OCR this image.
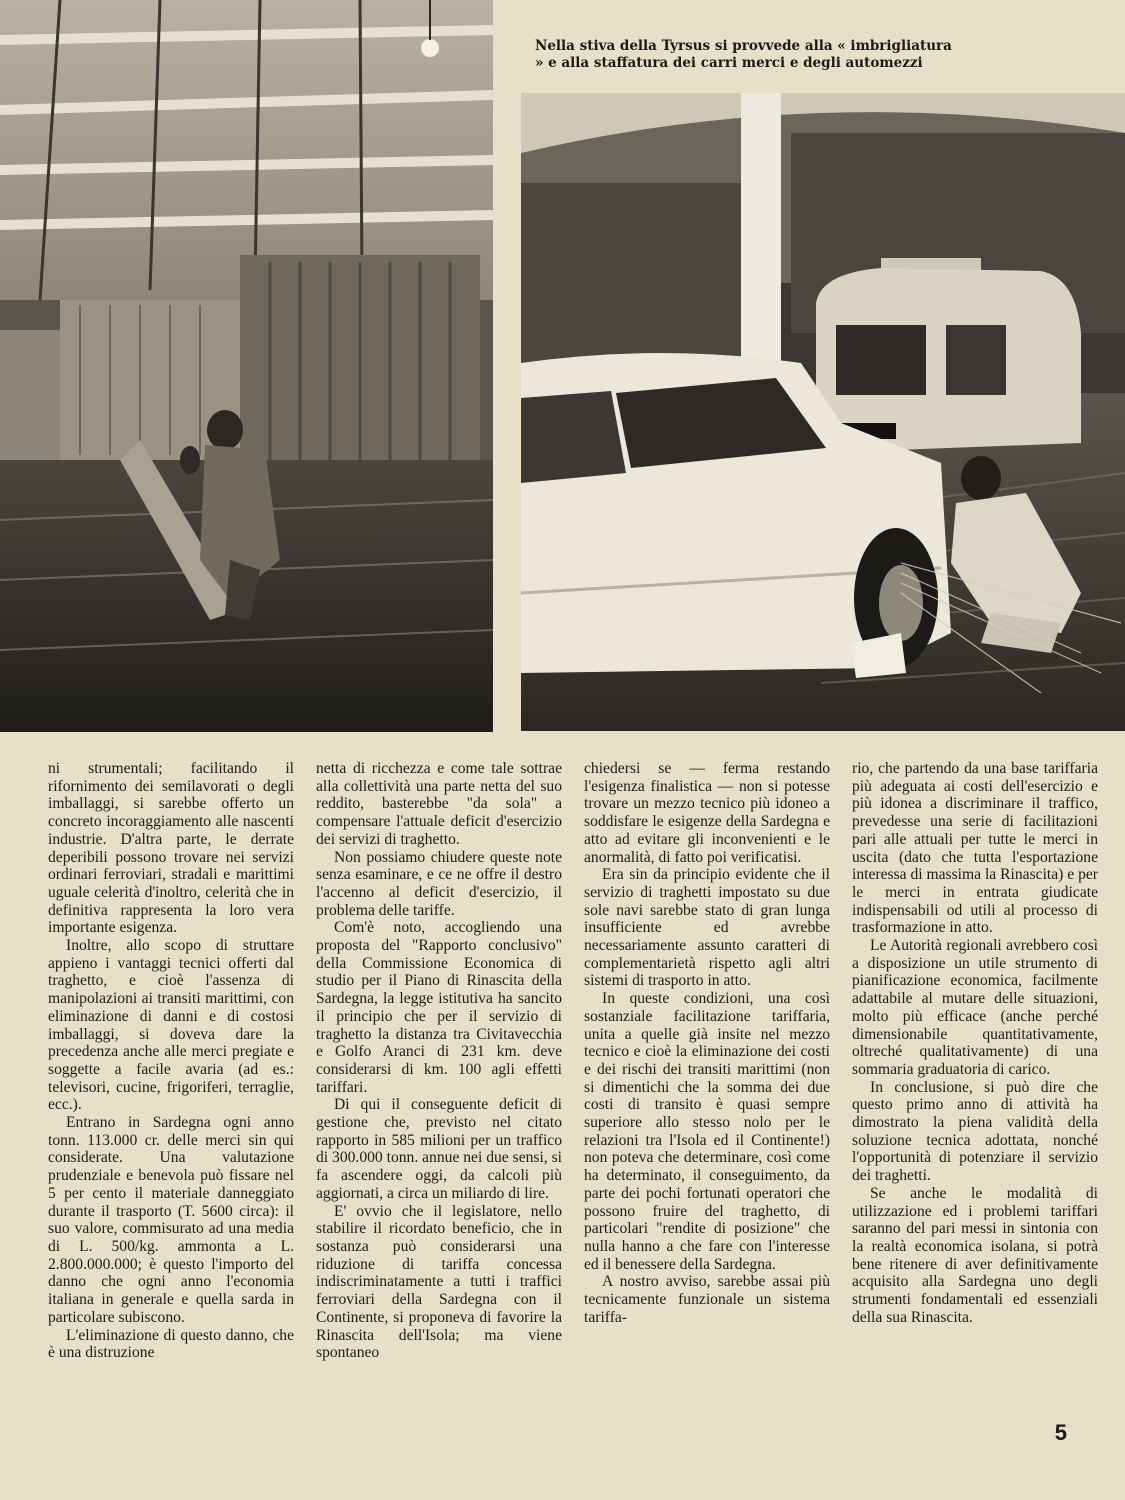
Nella stiva della Tyrsus si provvede alla « imbrigliatura » e alla staffatura dei carri merci e degli automezzi

ni strumentali; facilitando il rifornimento dei semilavorati o degli imballaggi, si sarebbe offerto un concreto incoraggiamento alle nascenti industrie. D'altra parte, le derrate deperibili possono trovare nei servizi ordinari ferroviari, stradali e marittimi uguale celerità d'inoltro, celerità che in definitiva rappresenta la loro vera importante esigenza.

Inoltre, allo scopo di struttare appieno i vantaggi tecnici offerti dal traghetto, e cioè l'assenza di manipolazioni ai transiti marittimi, con eliminazione di danni e di costosi imballaggi, si doveva dare la precedenza anche alle merci pregiate e soggette a facile avaria (ad es.: televisori, cucine, frigoriferi, terraglie, ecc.).

Entrano in Sardegna ogni anno tonn. 113.000 cr. delle merci sin qui considerate. Una valutazione prudenziale e benevola può fissare nel 5 per cento il materiale danneggiato durante il trasporto (T. 5600 circa): il suo valore, commisurato ad una media di L. 500/kg. ammonta a L. 2.800.000.000; è questo l'importo del danno che ogni anno l'economia italiana in generale e quella sarda in particolare subiscono.

L'eliminazione di questo danno, che è una distruzione

netta di ricchezza e come tale sottrae alla collettività una parte netta del suo reddito, basterebbe "da sola" a compensare l'attuale deficit d'esercizio dei servizi di traghetto.

Non possiamo chiudere queste note senza esaminare, e ce ne offre il destro l'accenno al deficit d'esercizio, il problema delle tariffe.

Com'è noto, accogliendo una proposta del "Rapporto conclusivo" della Commissione Economica di studio per il Piano di Rinascita della Sardegna, la legge istitutiva ha sancito il principio che per il servizio di traghetto la distanza tra Civitavecchia e Golfo Aranci di 231 km. deve considerarsi di km. 100 agli effetti tariffari.

Di qui il conseguente deficit di gestione che, previsto nel citato rapporto in 585 milioni per un traffico di 300.000 tonn. annue nei due sensi, si fa ascendere oggi, da calcoli più aggiornati, a circa un miliardo di lire.

E' ovvio che il legislatore, nello stabilire il ricordato beneficio, che in sostanza può considerarsi una riduzione di tariffa concessa indiscriminatamente a tutti i traffici ferroviari della Sardegna con il Continente, si proponeva di favorire la Rinascita dell'Isola; ma viene spontaneo

chiedersi se — ferma restando l'esigenza finalistica — non si potesse trovare un mezzo tecnico più idoneo a soddisfare le esigenze della Sardegna e atto ad evitare gli inconvenienti e le anormalità, di fatto poi verificatisi.

Era sin da principio evidente che il servizio di traghetti impostato su due sole navi sarebbe stato di gran lunga insufficiente ed avrebbe necessariamente assunto caratteri di complementarietà rispetto agli altri sistemi di trasporto in atto.

In queste condizioni, una così sostanziale facilitazione tariffaria, unita a quelle già insite nel mezzo tecnico e cioè la eliminazione dei costi e dei rischi dei transiti marittimi (non si dimentichi che la somma dei due costi di transito è quasi sempre superiore allo stesso nolo per le relazioni tra l'Isola ed il Continente!) non poteva che determinare, così come ha determinato, il conseguimento, da parte dei pochi fortunati operatori che possono fruire del traghetto, di particolari "rendite di posizione" che nulla hanno a che fare con l'interesse ed il benessere della Sardegna.

A nostro avviso, sarebbe assai più tecnicamente funzionale un sistema tariffa-

rio, che partendo da una base tariffaria più adeguata ai costi dell'esercizio e più idonea a discriminare il traffico, prevedesse una serie di facilitazioni pari alle attuali per tutte le merci in uscita (dato che tutta l'esportazione interessa di massima la Rinascita) e per le merci in entrata giudicate indispensabili od utili al processo di trasformazione in atto.

Le Autorità regionali avrebbero così a disposizione un utile strumento di pianificazione economica, facilmente adattabile al mutare delle situazioni, molto più efficace (anche perché dimensionabile quantitativamente, oltreché qualitativamente) di una sommaria graduatoria di carico.

In conclusione, si può dire che questo primo anno di attività ha dimostrato la piena validità della soluzione tecnica adottata, nonché l'opportunità di potenziare il servizio dei traghetti.

Se anche le modalità di utilizzazione ed i problemi tariffari saranno del pari messi in sintonia con la realtà economica isolana, si potrà bene ritenere di aver definitivamente acquisito alla Sardegna uno degli strumenti fondamentali ed essenziali della sua Rinascita.

5
